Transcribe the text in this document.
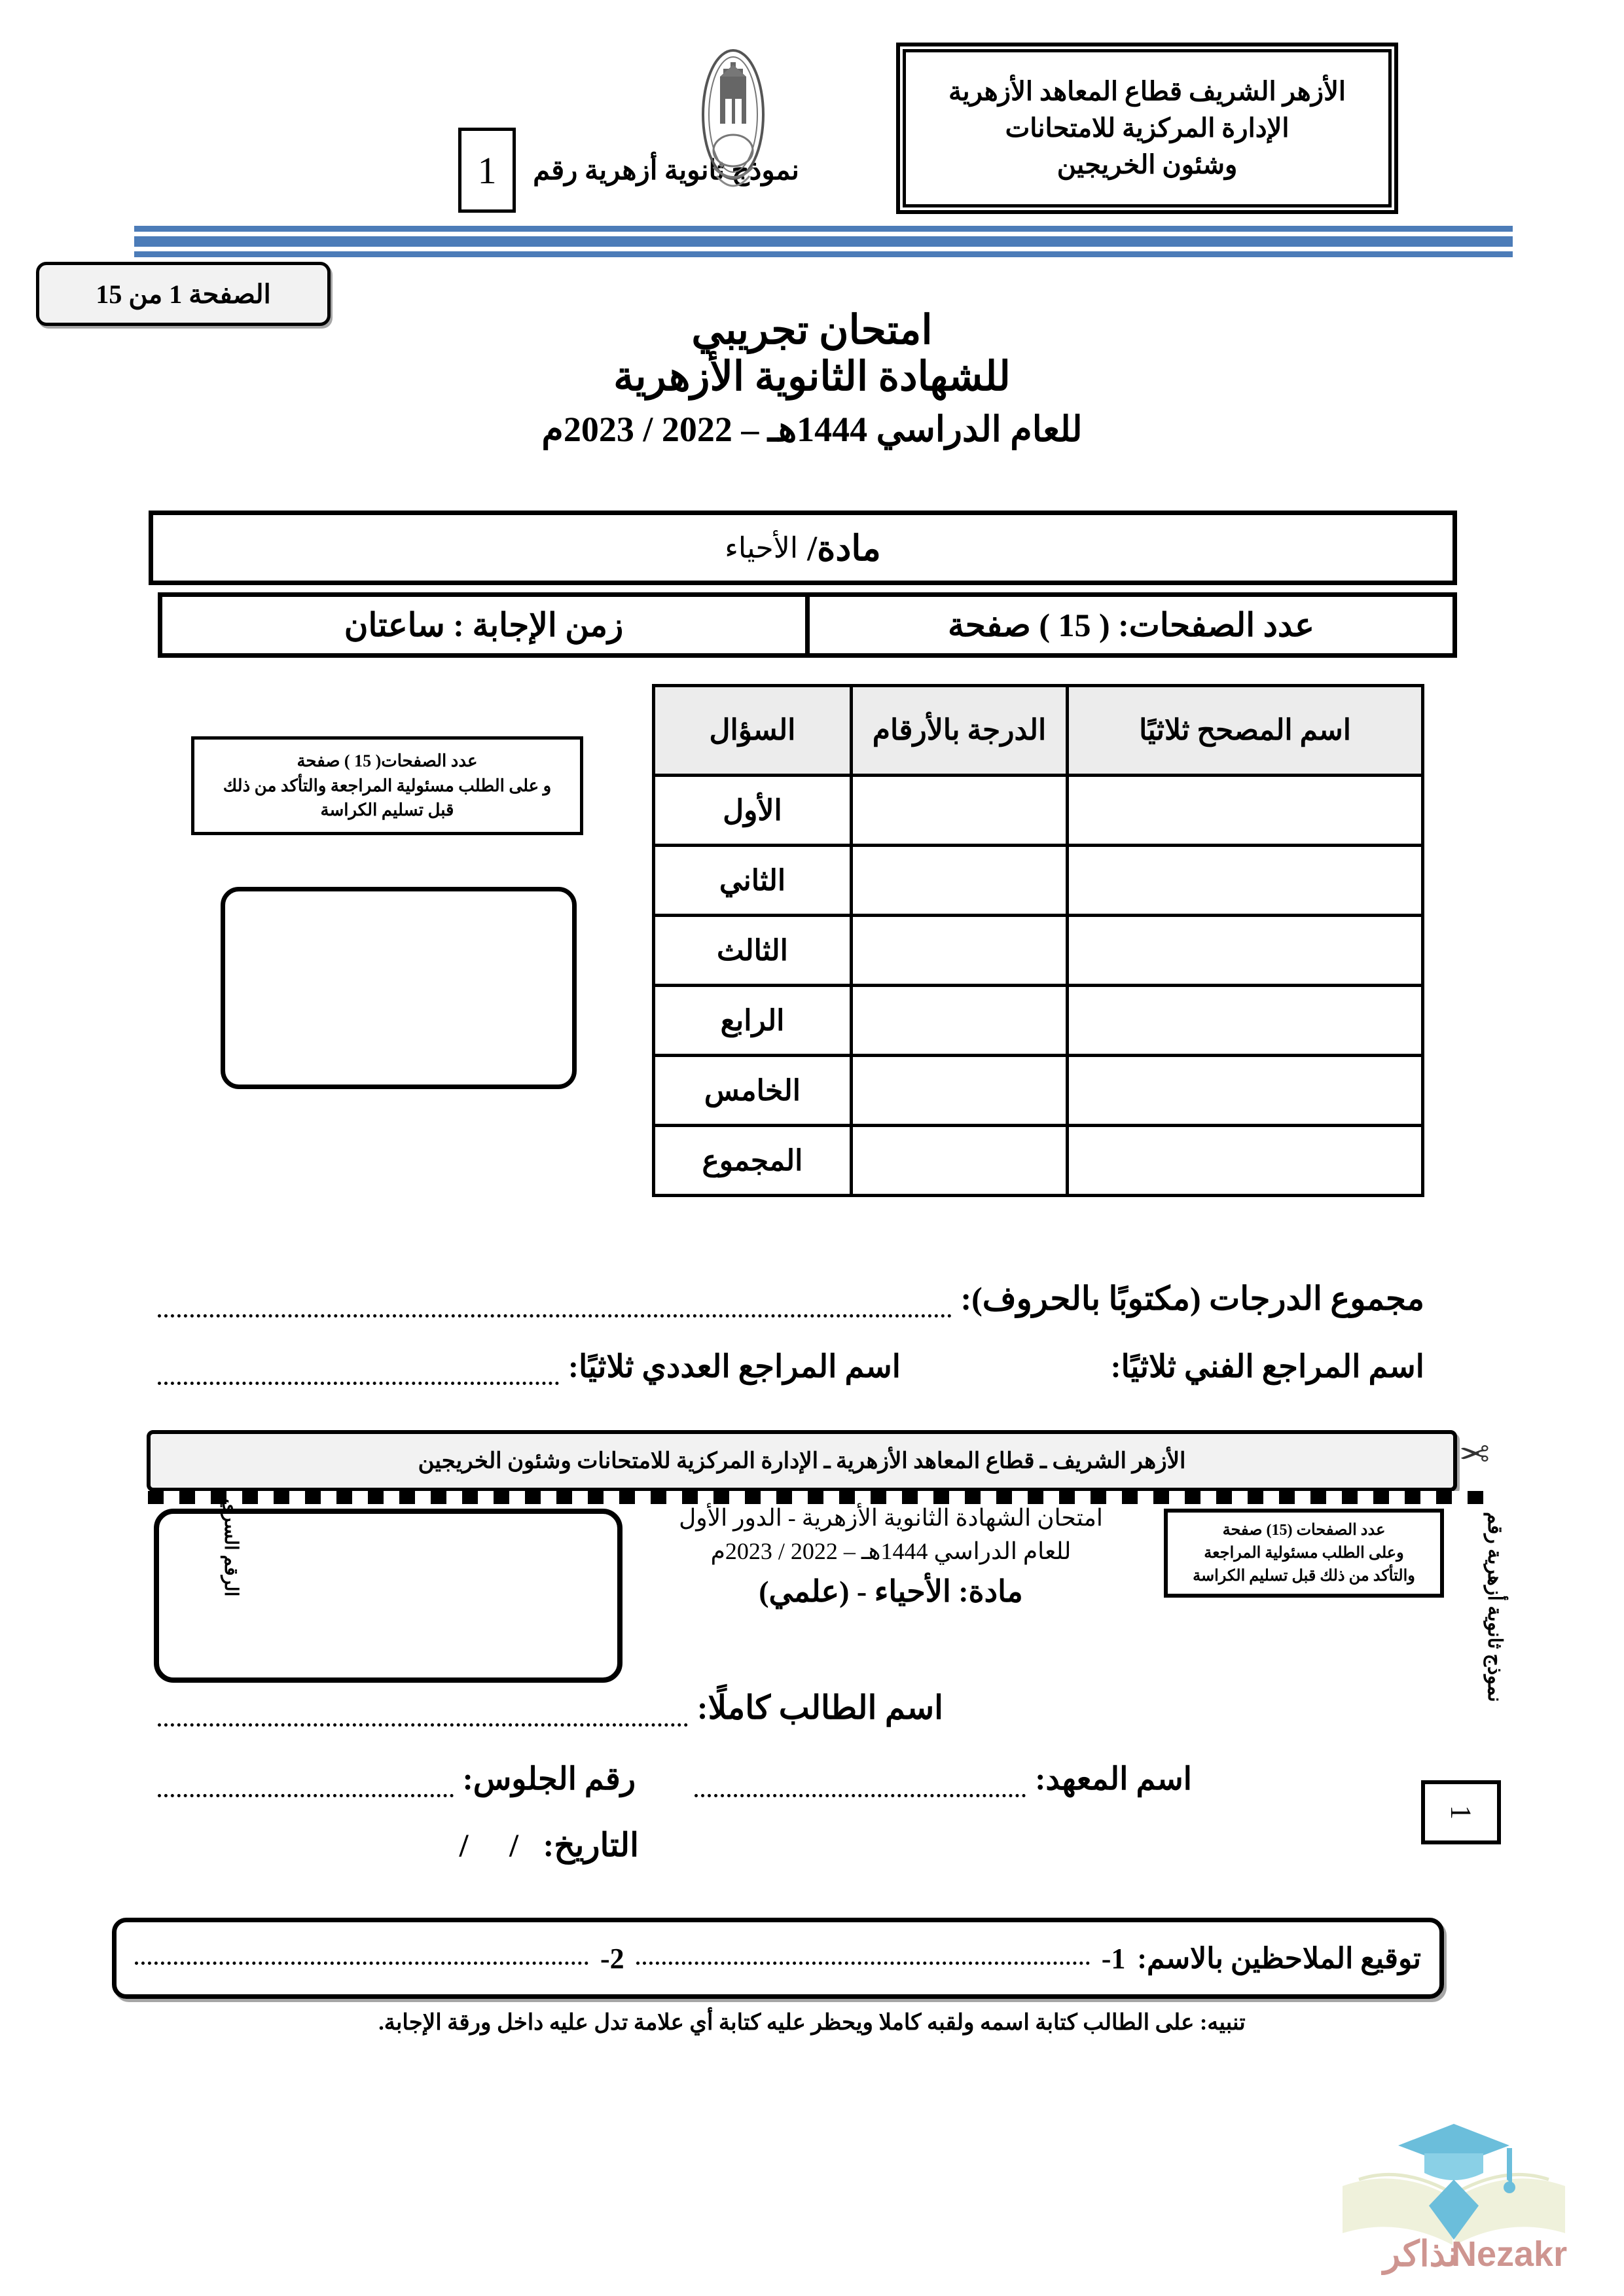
نموذج ثانوية أزهرية رقم
1
الأزهر الشريف قطاع المعاهد الأزهرية
الإدارة المركزية للامتحانات
وشئون الخريجين
الصفحة 1 من 15
امتحان تجريبي
للشهادة الثانوية الأزهرية
للعام الدراسي 1444هـ – 2022 / 2023م
مادة/
الأحياء
عدد الصفحات: ( 15 ) صفحة
زمن الإجابة : ساعتان
اسم المصحح ثلاثيًا	الدرجة بالأرقام	السؤال
		الأول
		الثاني
		الثالث
		الرابع
		الخامس
		المجموع
عدد الصفحات( 15 ) صفحة
و على الطلب مسئولية المراجعة والتأكد من ذلك
قبل تسليم الكراسة
مجموع الدرجات (مكتوبًا بالحروف):
اسم المراجع العددي ثلاثيًا:	اسم المراجع الفني ثلاثيًا:
الأزهر الشريف ـ قطاع المعاهد الأزهرية ـ الإدارة المركزية للامتحانات وشئون الخريجين	✂
امتحان الشهادة الثانوية الأزهرية - الدور الأول
للعام الدراسي 1444هـ – 2022 / 2023م
مادة: الأحياء - (علمي)
الرقم السري	عدد الصفحات (15) صفحة
وعلى الطلب مسئولية المراجعة
والتأكد من ذلك قبل تسليم الكراسة	نموذج ثانوية أزهرية رقم
1
اسم الطالب كاملًا:
رقم الجلوس:	اسم المعهد:
التاريخ: / /
توقيع الملاحظين بالاسم:
1-
2-
تنبيه: على الطالب كتابة اسمه ولقبه كاملا ويحظر عليه كتابة أي علامة تدل عليه داخل ورقة الإجابة.
Nezakr
نذاكر
